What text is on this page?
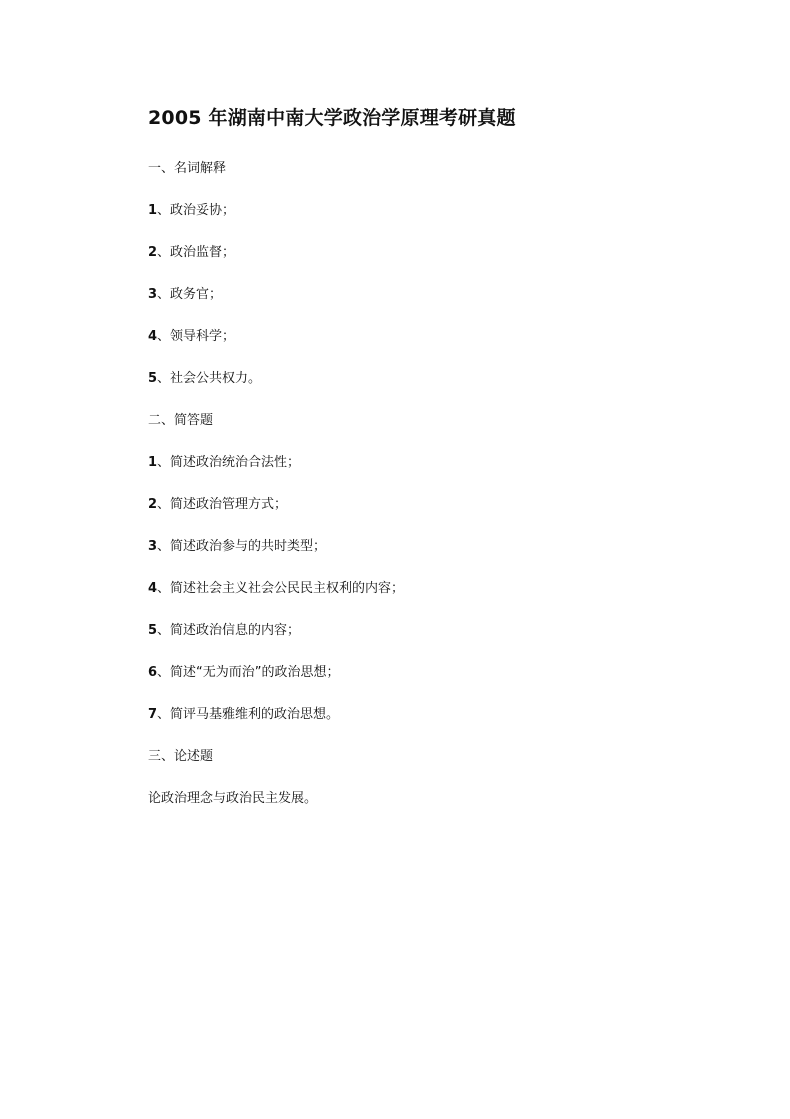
2005 年湖南中南大学政治学原理考研真题
一、名词解释
1、政治妥协；
2、政治监督；
3、政务官；
4、领导科学；
5、社会公共权力。
二、简答题
1、简述政治统治合法性；
2、简述政治管理方式；
3、简述政治参与的共时类型；
4、简述社会主义社会公民民主权利的内容；
5、简述政治信息的内容；
6、简述“无为而治”的政治思想；
7、简评马基雅维利的政治思想。
三、论述题
论政治理念与政治民主发展。
